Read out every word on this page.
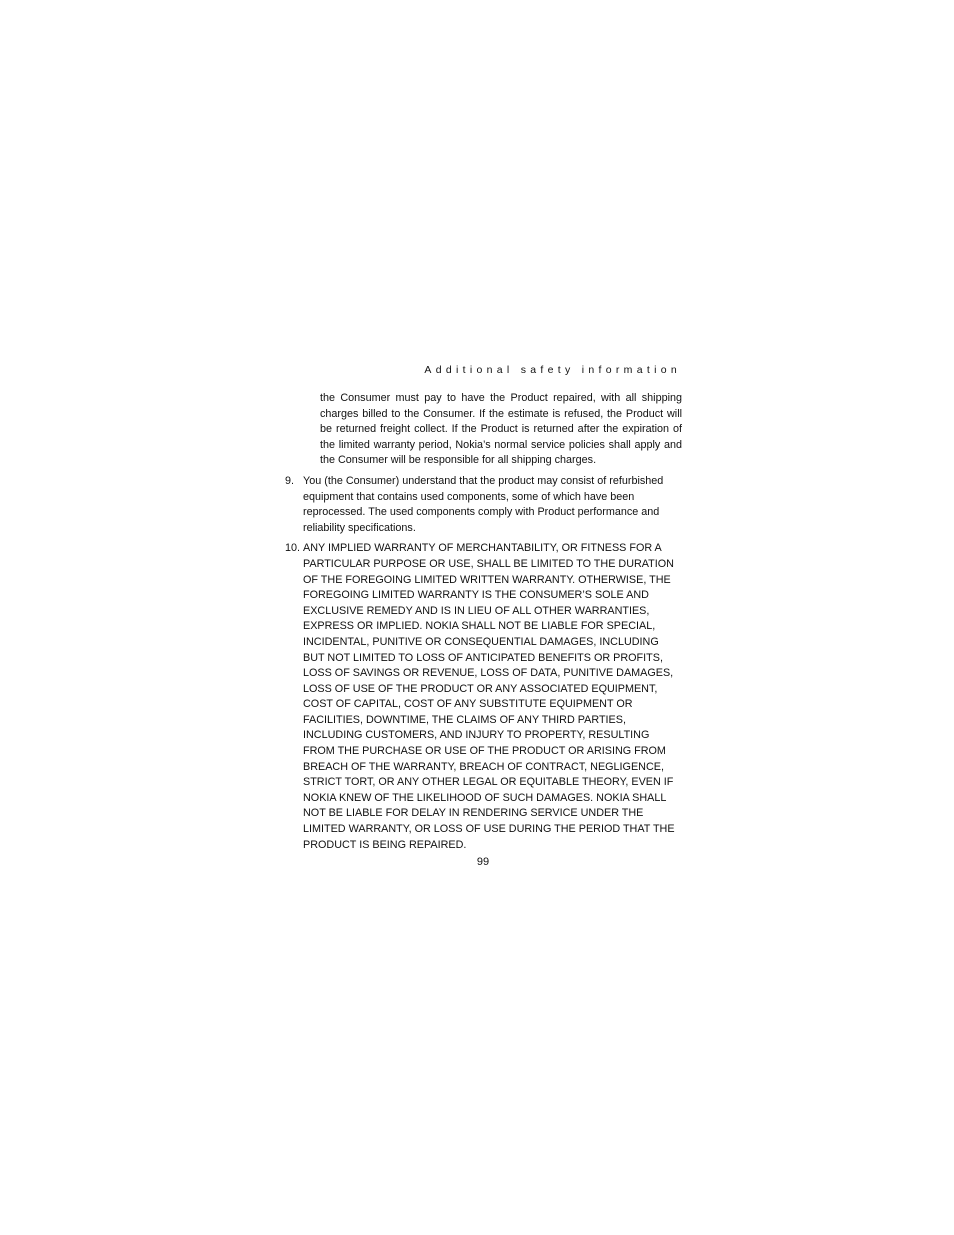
Additional safety information

the Consumer must pay to have the Product repaired, with all shipping charges billed to the Consumer. If the estimate is refused, the Product will be returned freight collect. If the Product is returned after the expiration of the limited warranty period, Nokia’s normal service policies shall apply and the Consumer will be responsible for all shipping charges.

9. You (the Consumer) understand that the product may consist of refurbished equipment that contains used components, some of which have been reprocessed. The used components comply with Product performance and reliability specifications.
10. ANY IMPLIED WARRANTY OF MERCHANTABILITY, OR FITNESS FOR A PARTICULAR PURPOSE OR USE, SHALL BE LIMITED TO THE DURATION OF THE FOREGOING LIMITED WRITTEN WARRANTY. OTHERWISE, THE FOREGOING LIMITED WARRANTY IS THE CONSUMER’S SOLE AND EXCLUSIVE REMEDY AND IS IN LIEU OF ALL OTHER WARRANTIES, EXPRESS OR IMPLIED. NOKIA SHALL NOT BE LIABLE FOR SPECIAL, INCIDENTAL, PUNITIVE OR CONSEQUENTIAL DAMAGES, INCLUDING BUT NOT LIMITED TO LOSS OF ANTICIPATED BENEFITS OR PROFITS, LOSS OF SAVINGS OR REVENUE, LOSS OF DATA, PUNITIVE DAMAGES, LOSS OF USE OF THE PRODUCT OR ANY ASSOCIATED EQUIPMENT, COST OF CAPITAL, COST OF ANY SUBSTITUTE EQUIPMENT OR FACILITIES, DOWNTIME, THE CLAIMS OF ANY THIRD PARTIES, INCLUDING CUSTOMERS, AND INJURY TO PROPERTY, RESULTING FROM THE PURCHASE OR USE OF THE PRODUCT OR ARISING FROM BREACH OF THE WARRANTY, BREACH OF CONTRACT, NEGLIGENCE, STRICT TORT, OR ANY OTHER LEGAL OR EQUITABLE THEORY, EVEN IF NOKIA KNEW OF THE LIKELIHOOD OF SUCH DAMAGES. NOKIA SHALL NOT BE LIABLE FOR DELAY IN RENDERING SERVICE UNDER THE LIMITED WARRANTY, OR LOSS OF USE DURING THE PERIOD THAT THE PRODUCT IS BEING REPAIRED.
99
